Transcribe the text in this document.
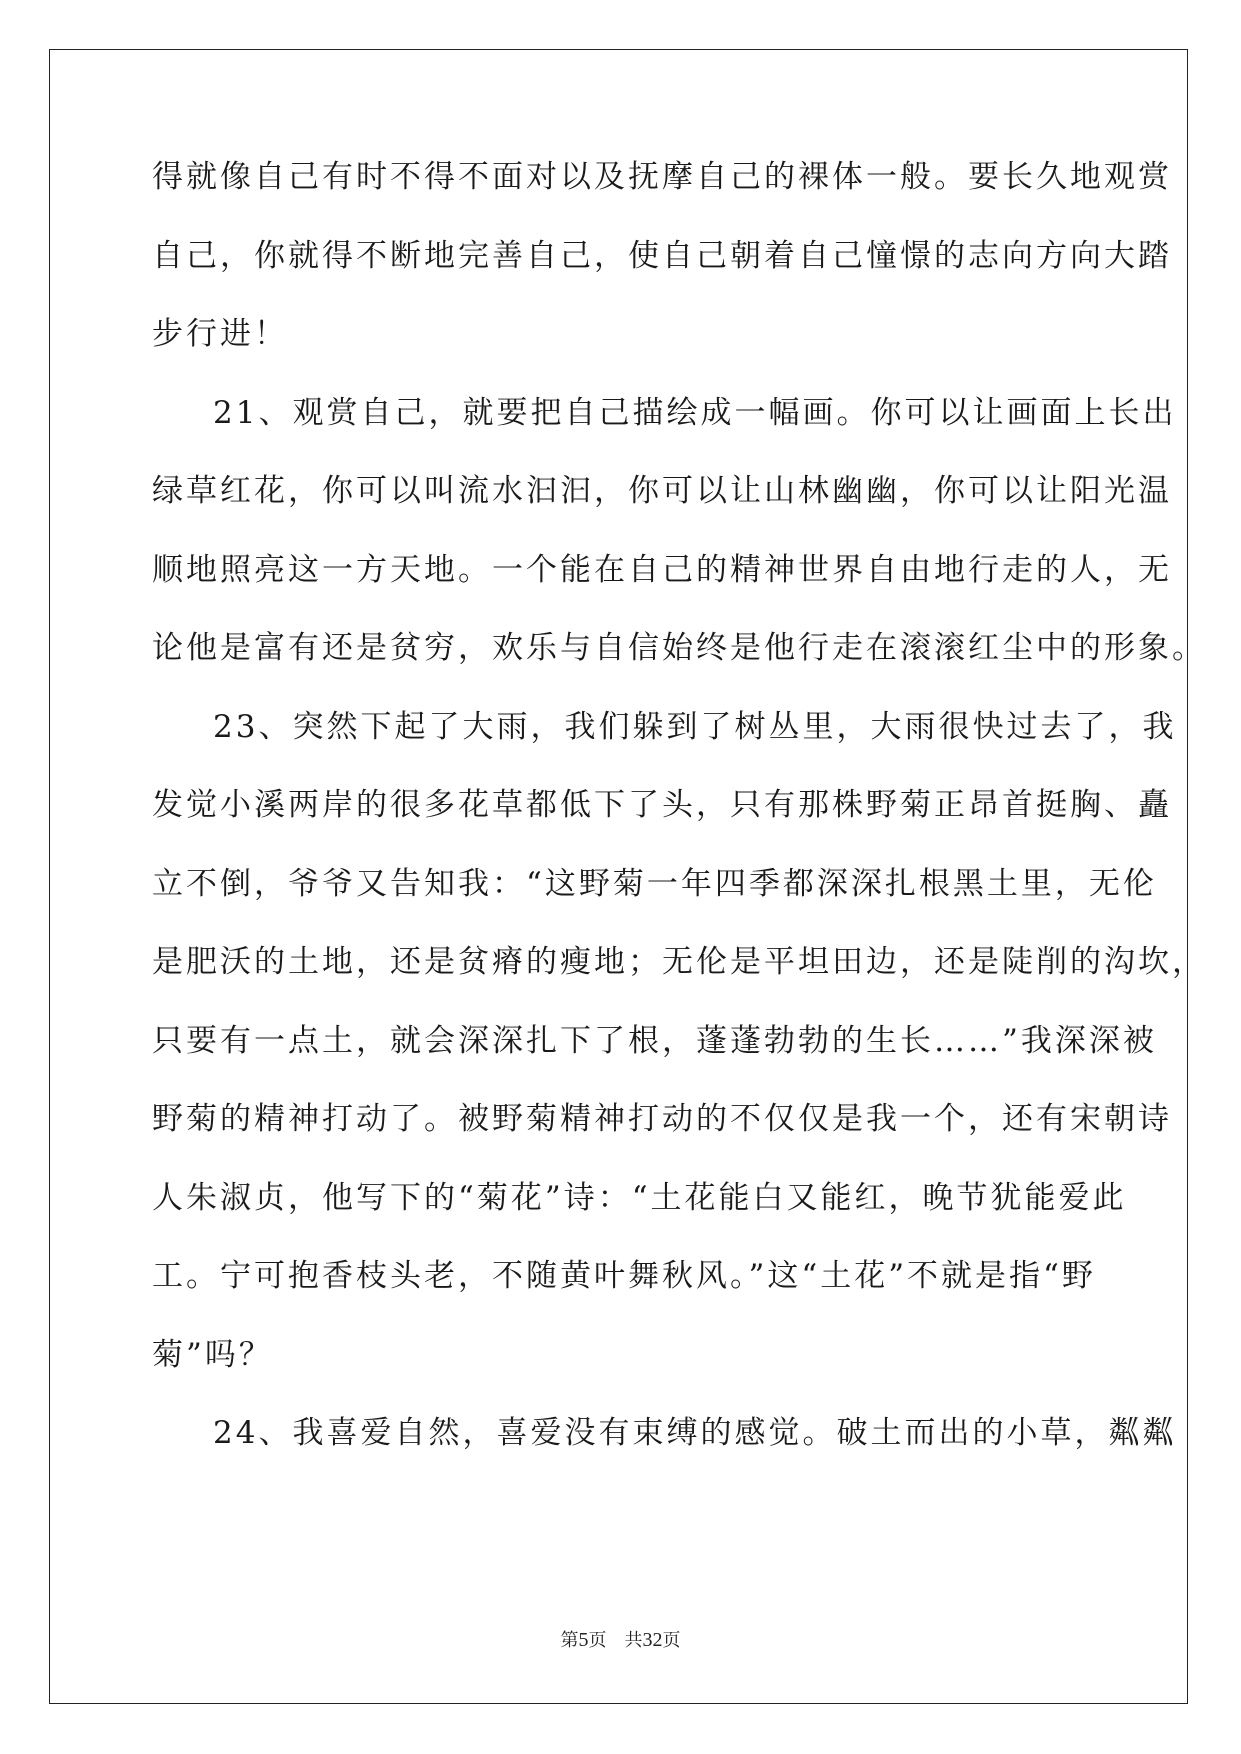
得就像自己有时不得不面对以及抚摩自己的裸体一般。要长久地观赏
自己，你就得不断地完善自己，使自己朝着自己憧憬的志向方向大踏
步行进！
21、观赏自己，就要把自己描绘成一幅画。你可以让画面上长出
绿草红花，你可以叫流水汩汩，你可以让山林幽幽，你可以让阳光温
顺地照亮这一方天地。一个能在自己的精神世界自由地行走的人，无
论他是富有还是贫穷，欢乐与自信始终是他行走在滚滚红尘中的形象。
23、突然下起了大雨，我们躲到了树丛里，大雨很快过去了，我
发觉小溪两岸的很多花草都低下了头，只有那株野菊正昂首挺胸、矗
立不倒，爷爷又告知我：“这野菊一年四季都深深扎根黑土里，无伦
是肥沃的土地，还是贫瘠的瘦地；无伦是平坦田边，还是陡削的沟坎，
只要有一点土，就会深深扎下了根，蓬蓬勃勃的生长……”我深深被
野菊的精神打动了。被野菊精神打动的不仅仅是我一个，还有宋朝诗
人朱淑贞，他写下的“菊花”诗：“土花能白又能红，晚节犹能爱此
工。宁可抱香枝头老，不随黄叶舞秋风。”这“土花”不就是指“野
菊”吗？
24、我喜爱自然，喜爱没有束缚的感觉。破土而出的小草，粼粼
第5页 共32页
